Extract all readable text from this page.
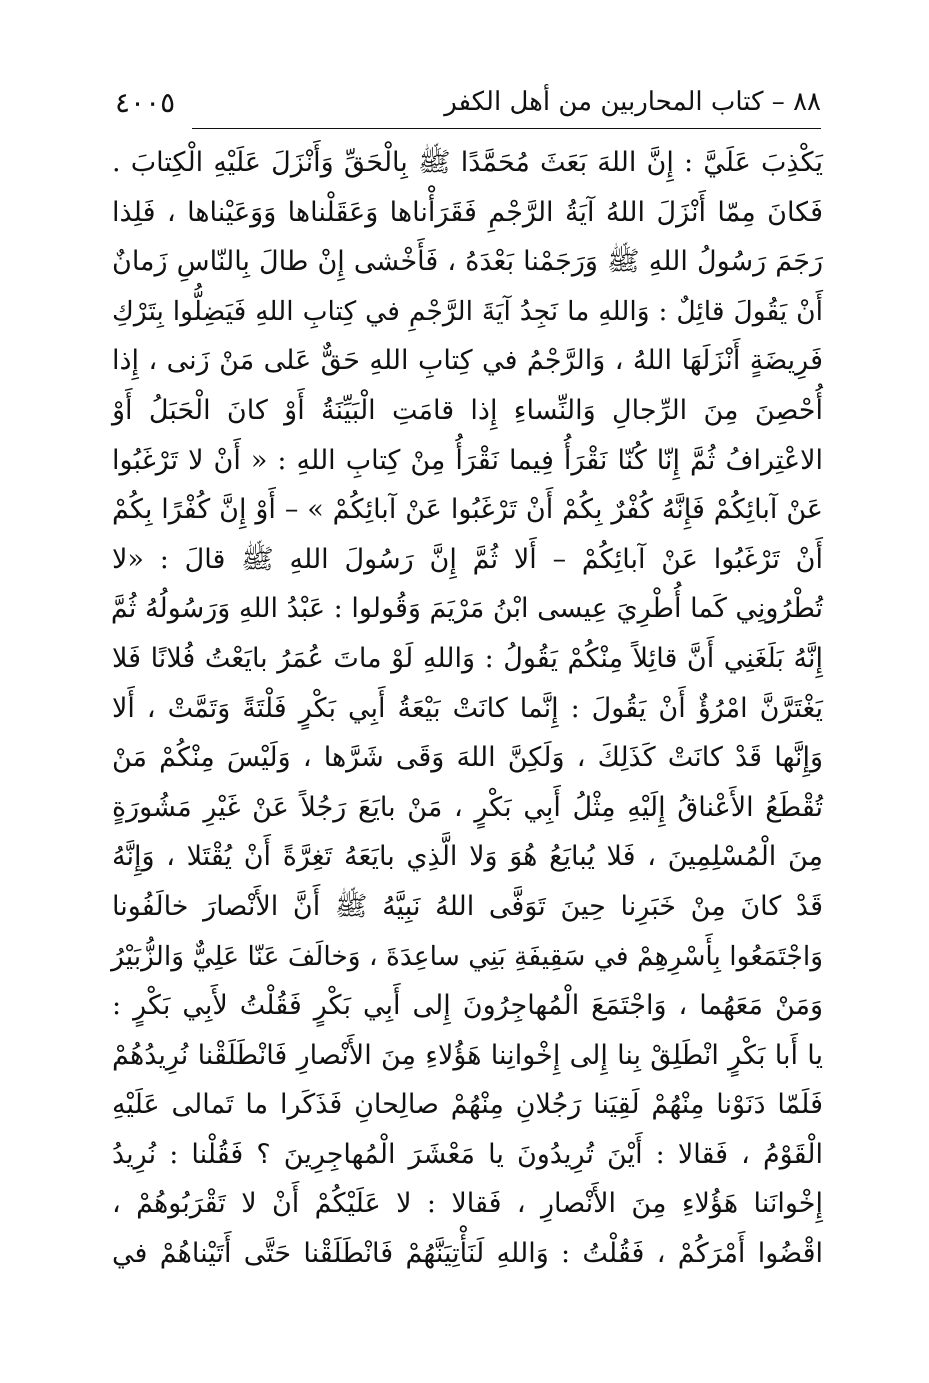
٨٨ – كتاب المحاربين من أهل الكفر
٤٠٠٥
يَكْذِبَ عَلَيَّ : إِنَّ اللهَ بَعَثَ مُحَمَّدًا ﷺ بِالْحَقِّ وَأَنْزَلَ عَلَيْهِ الْكِتابَ .
فَكانَ مِمّا أَنْزَلَ اللهُ آيَةُ الرَّجْمِ فَقَرَأْناها وَعَقَلْناها وَوَعَيْناها ، فَلِذا
رَجَمَ رَسُولُ اللهِ ﷺ وَرَجَمْنا بَعْدَهُ ، فَأَخْشى إِنْ طالَ بِالنّاسِ زَمانٌ
أَنْ يَقُولَ قائِلٌ : وَاللهِ ما نَجِدُ آيَةَ الرَّجْمِ في كِتابِ اللهِ فَيَضِلُّوا بِتَرْكِ
فَرِيضَةٍ أَنْزَلَهَا اللهُ ، وَالرَّجْمُ في كِتابِ اللهِ حَقٌّ عَلى مَنْ زَنى ، إِذا
أُحْصِنَ مِنَ الرِّجالِ وَالنِّساءِ إِذا قامَتِ الْبَيِّنَةُ أَوْ كانَ الْحَبَلُ أَوْ
الاعْتِرافُ ثُمَّ إِنّا كُنّا نَقْرَأُ فِيما نَقْرَأُ مِنْ كِتابِ اللهِ : « أَنْ لا تَرْغَبُوا
عَنْ آبائِكُمْ فَإِنَّهُ كُفْرٌ بِكُمْ أَنْ تَرْغَبُوا عَنْ آبائِكُمْ » – أَوْ إِنَّ كُفْرًا بِكُمْ
أَنْ تَرْغَبُوا عَنْ آبائِكُمْ – أَلا ثُمَّ إِنَّ رَسُولَ اللهِ ﷺ قالَ : «لا
تُطْرُونِي كَما أُطْرِيَ عِيسى ابْنُ مَرْيَمَ وَقُولوا : عَبْدُ اللهِ وَرَسُولُهُ ثُمَّ
إِنَّهُ بَلَغَنِي أَنَّ قائِلاً مِنْكُمْ يَقُولُ : وَاللهِ لَوْ ماتَ عُمَرُ بايَعْتُ فُلانًا فَلا
يَغْتَرَّنَّ امْرُؤٌ أَنْ يَقُولَ : إِنَّما كانَتْ بَيْعَةُ أَبِي بَكْرٍ فَلْتَةً وَتَمَّتْ ، أَلا
وَإِنَّها قَدْ كانَتْ كَذَلِكَ ، وَلَكِنَّ اللهَ وَقَى شَرَّها ، وَلَيْسَ مِنْكُمْ مَنْ
تُقْطَعُ الأَعْناقُ إِلَيْهِ مِثْلُ أَبِي بَكْرٍ ، مَنْ بايَعَ رَجُلاً عَنْ غَيْرِ مَشُورَةٍ
مِنَ الْمُسْلِمِينَ ، فَلا يُبايَعُ هُوَ وَلا الَّذِي بايَعَهُ تَغِرَّةً أَنْ يُقْتَلا ، وَإِنَّهُ
قَدْ كانَ مِنْ خَبَرِنا حِينَ تَوَفَّى اللهُ نَبِيَّهُ ﷺ أَنَّ الأَنْصارَ خالَفُونا
وَاجْتَمَعُوا بِأَسْرِهِمْ في سَقِيفَةِ بَنِي ساعِدَةَ ، وَخالَفَ عَنّا عَلِيٌّ وَالزُّبَيْرُ
وَمَنْ مَعَهُما ، وَاجْتَمَعَ الْمُهاجِرُونَ إِلى أَبِي بَكْرٍ فَقُلْتُ لأَبِي بَكْرٍ :
يا أَبا بَكْرٍ انْطَلِقْ بِنا إِلى إِخْوانِنا هَؤُلاءِ مِنَ الأَنْصارِ فَانْطَلَقْنا نُرِيدُهُمْ
فَلَمّا دَنَوْنا مِنْهُمْ لَقِيَنا رَجُلانِ مِنْهُمْ صالِحانِ فَذَكَرا ما تَمالى عَلَيْهِ
الْقَوْمُ ، فَقالا : أَيْنَ تُرِيدُونَ يا مَعْشَرَ الْمُهاجِرِينَ ؟ فَقُلْنا : نُرِيدُ
إِخْوانَنا هَؤُلاءِ مِنَ الأَنْصارِ ، فَقالا : لا عَلَيْكُمْ أَنْ لا تَقْرَبُوهُمْ ،
اقْضُوا أَمْرَكُمْ ، فَقُلْتُ : وَاللهِ لَنَأْتِيَنَّهُمْ فَانْطَلَقْنا حَتَّى أَتَيْناهُمْ في
